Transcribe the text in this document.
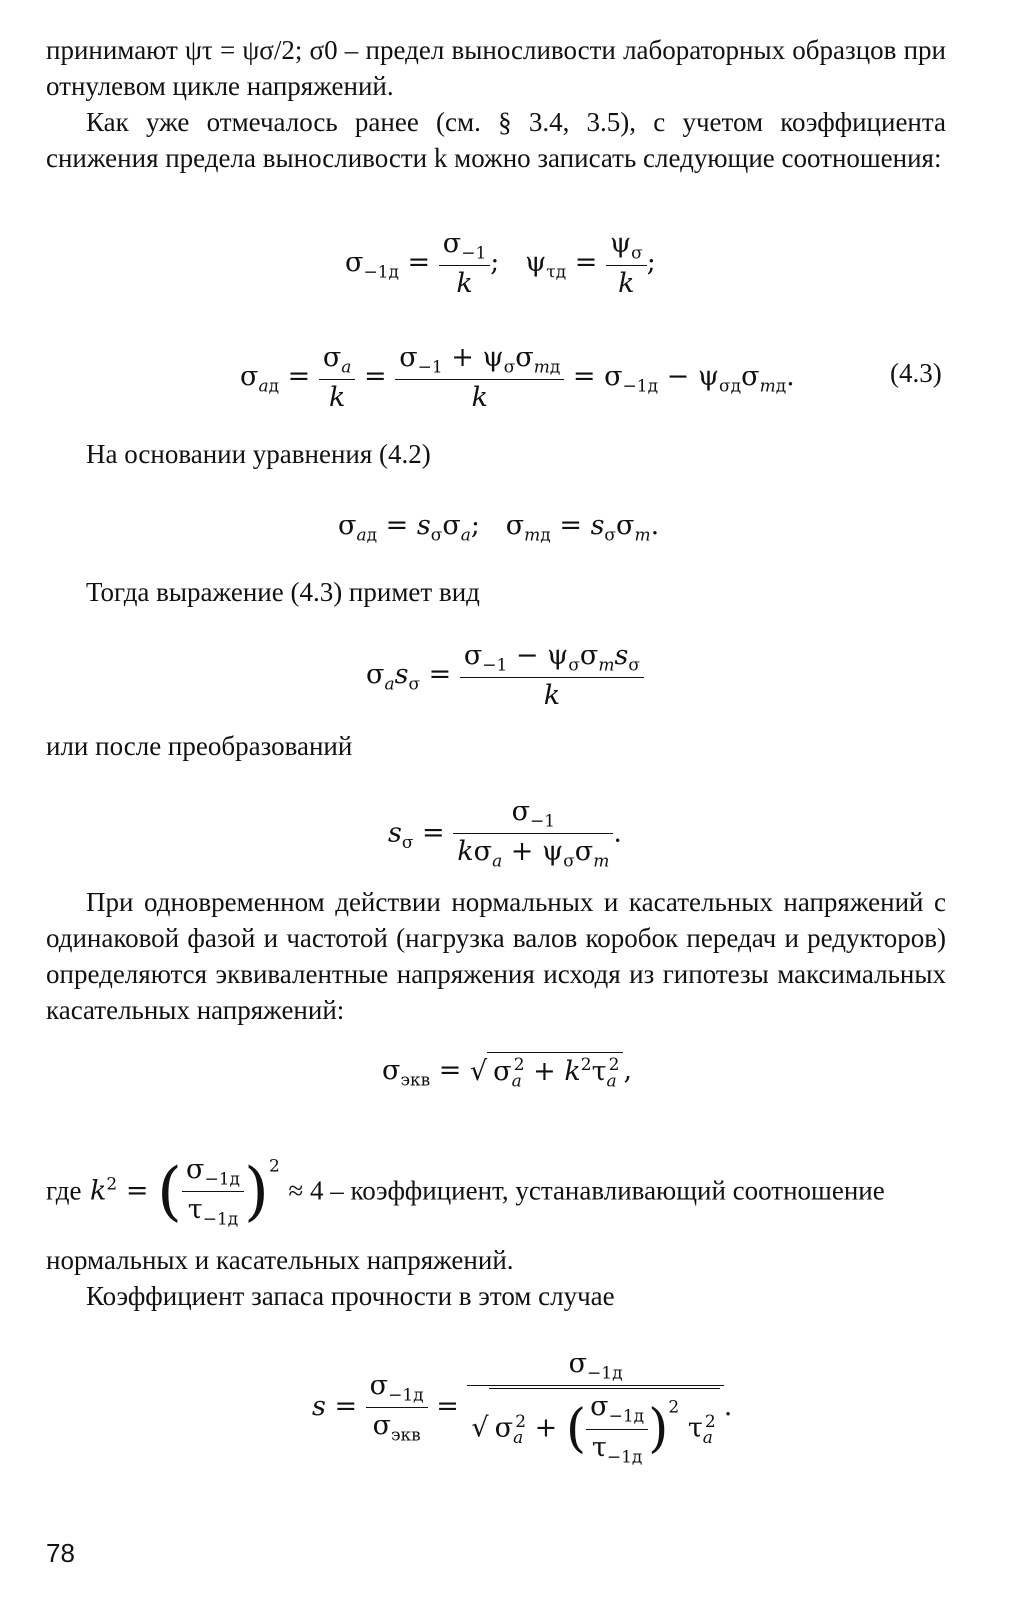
принимают ψτ = ψσ/2; σ0 – предел выносливости лабораторных образцов при отнулевом цикле напряжений.

Как уже отмечалось ранее (см. § 3.4, 3.5), с учетом коэффициента снижения предела выносливости k можно записать следующие соотношения:

$\sigma_{-1д} = \frac{\sigma_{-1}}{k}$ ;   $\psi_{\tau д} = \frac{\psi_\sigma}{k}$ ;
$\sigma_{aд} = \frac{\sigma_a}{k} = \frac{\sigma_{-1} + \psi_\sigma\sigma_{mд}}{k} = \sigma_{-1д} - \psi_{\sigma д}\sigma_{mд}$.	(4.3)

На основании уравнения (4.2)

$\sigma_{aд} = s_\sigma\sigma_a$;   $\sigma_{mд} = s_\sigma\sigma_m$.

Тогда выражение (4.3) примет вид

$\sigma_as_\sigma = \frac{\sigma_{-1} - \psi_\sigma\sigma_ms_\sigma}{k}$

или после преобразований

$s_\sigma = \frac{\sigma_{-1}}{k\sigma_a + \psi_\sigma\sigma_m}$ .

При одновременном действии нормальных и касательных напряжений с одинаковой фазой и частотой (нагрузка валов коробок передач и редукторов) определяются эквивалентные напряжения исходя из гипотезы максимальных касательных напряжений:

$\sigma_{экв}$ = √ $\sigma_a^2 + k^2\tau_a^2$ ,
где $k^2$ = ( $\frac{\sigma_{-1д}}{\tau_{-1д}} )^2 \approx 4$ – коэффициент, устанавливающий соотношение

нормальных и касательных напряжений.

Коэффициент запаса прочности в этом случае

$s = \frac{\sigma_{-1д}}{\sigma_{экв}} = \frac{\sigma_{-1д}}{√ \sigma_a^2 + ( \frac{\sigma_{-1д}}{\tau_{-1д}} )^2 \tau_a^2}$ .
78
